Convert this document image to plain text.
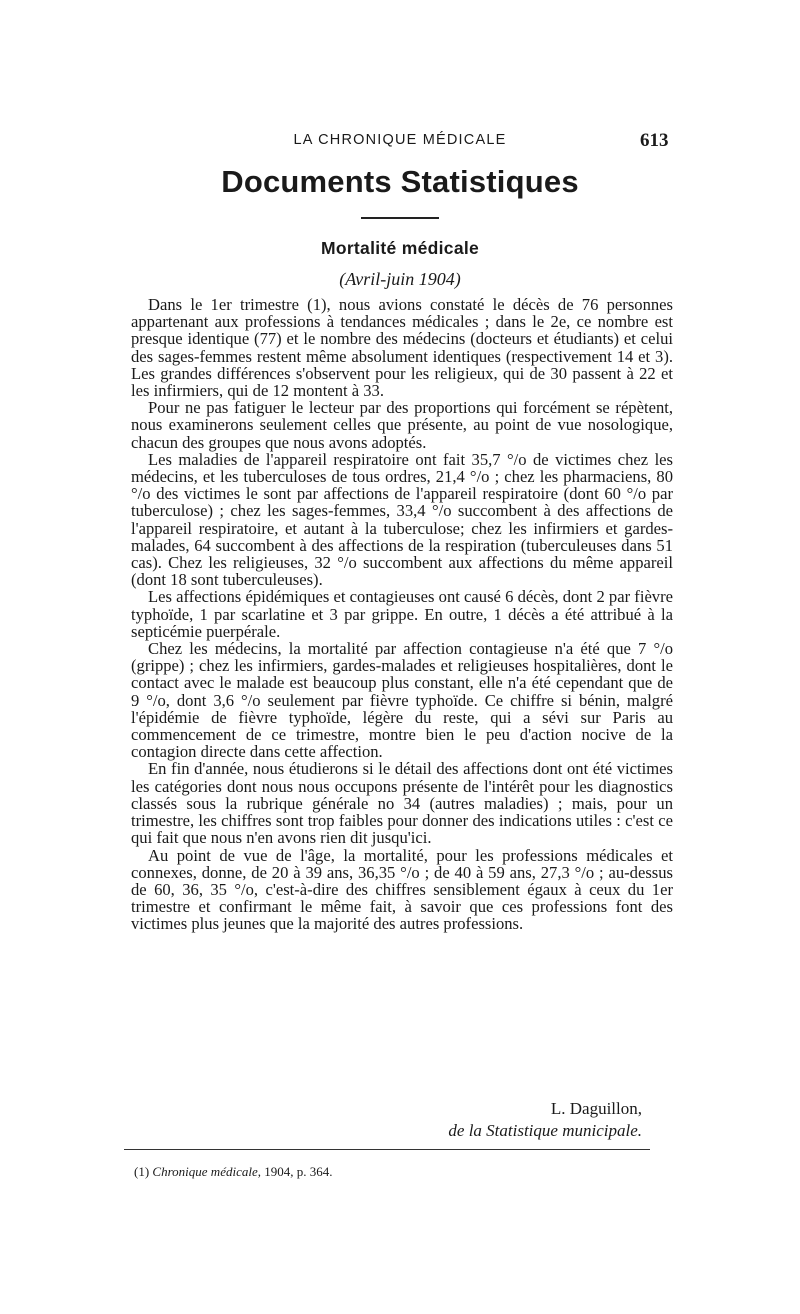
LA CHRONIQUE MÉDICALE	613
Documents Statistiques
Mortalité médicale
(Avril-juin 1904)

Dans le 1er trimestre (1), nous avions constaté le décès de 76 personnes appartenant aux professions à tendances médicales ; dans le 2e, ce nombre est presque identique (77) et le nombre des médecins (docteurs et étudiants) et celui des sages-femmes restent même absolument identiques (respectivement 14 et 3). Les grandes différences s'observent pour les religieux, qui de 30 passent à 22 et les infirmiers, qui de 12 montent à 33.

Pour ne pas fatiguer le lecteur par des proportions qui forcément se répètent, nous examinerons seulement celles que présente, au point de vue nosologique, chacun des groupes que nous avons adoptés.

Les maladies de l'appareil respiratoire ont fait 35,7 °/o de victimes chez les médecins, et les tuberculoses de tous ordres, 21,4 °/o ; chez les pharmaciens, 80 °/o des victimes le sont par affections de l'appareil respiratoire (dont 60 °/o par tuberculose) ; chez les sages-femmes, 33,4 °/o succombent à des affections de l'appareil respiratoire, et autant à la tuberculose; chez les infirmiers et gardes-malades, 64 succombent à des affections de la respiration (tuberculeuses dans 51 cas). Chez les religieuses, 32 °/o succombent aux affections du même appareil (dont 18 sont tuberculeuses).

Les affections épidémiques et contagieuses ont causé 6 décès, dont 2 par fièvre typhoïde, 1 par scarlatine et 3 par grippe. En outre, 1 décès a été attribué à la septicémie puerpérale.

Chez les médecins, la mortalité par affection contagieuse n'a été que 7 °/o (grippe) ; chez les infirmiers, gardes-malades et religieuses hospitalières, dont le contact avec le malade est beaucoup plus constant, elle n'a été cependant que de 9 °/o, dont 3,6 °/o seulement par fièvre typhoïde. Ce chiffre si bénin, malgré l'épidémie de fièvre typhoïde, légère du reste, qui a sévi sur Paris au commencement de ce trimestre, montre bien le peu d'action nocive de la contagion directe dans cette affection.

En fin d'année, nous étudierons si le détail des affections dont ont été victimes les catégories dont nous nous occupons présente de l'intérêt pour les diagnostics classés sous la rubrique générale no 34 (autres maladies) ; mais, pour un trimestre, les chiffres sont trop faibles pour donner des indications utiles : c'est ce qui fait que nous n'en avons rien dit jusqu'ici.

Au point de vue de l'âge, la mortalité, pour les professions médicales et connexes, donne, de 20 à 39 ans, 36,35 °/o ; de 40 à 59 ans, 27,3 °/o ; au-dessus de 60, 36, 35 °/o, c'est-à-dire des chiffres sensiblement égaux à ceux du 1er trimestre et confirmant le même fait, à savoir que ces professions font des victimes plus jeunes que la majorité des autres professions.

L. Daguillon,
de la Statistique municipale.
(1) Chronique médicale, 1904, p. 364.
